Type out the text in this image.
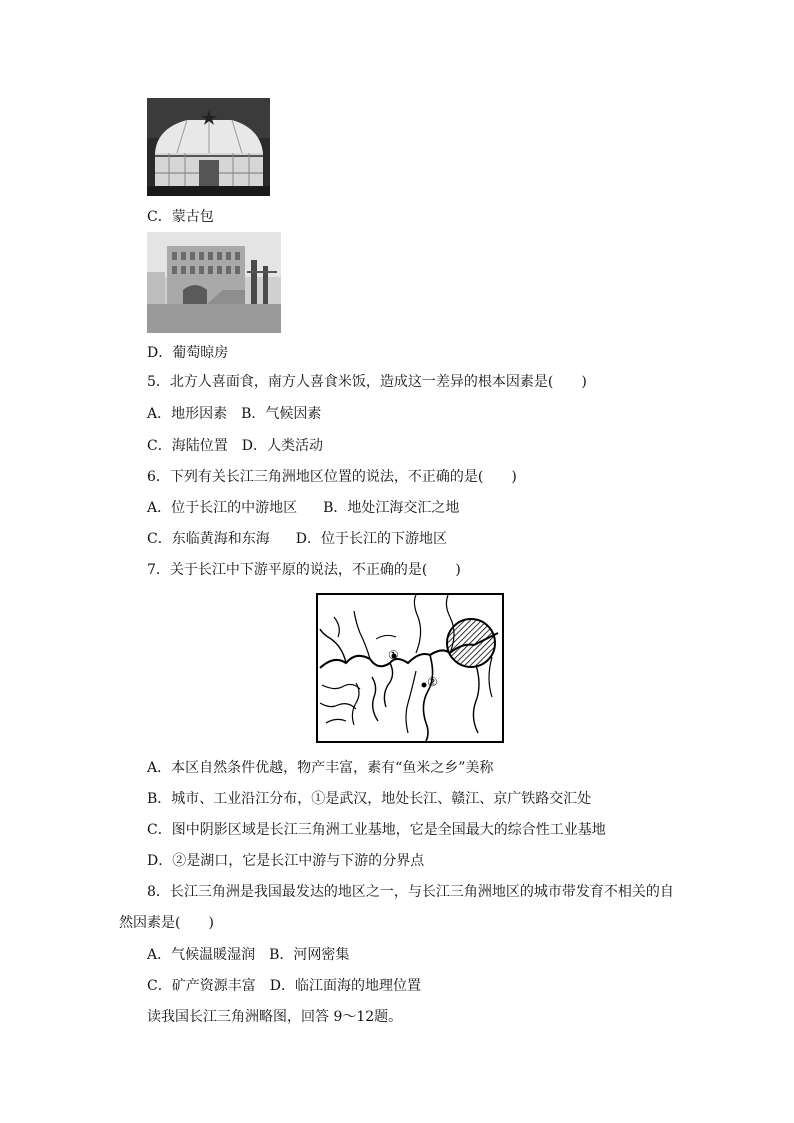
C．蒙古包
D．葡萄晾房
5．北方人喜面食，南方人喜食米饭，造成这一差异的根本因素是(　　)
A．地形因素 B．气候因素
C．海陆位置 D．人类活动
6．下列有关长江三角洲地区位置的说法，不正确的是(　　)
A．位于长江的中游地区 B．地处江海交汇之地
C．东临黄海和东海 D．位于长江的下游地区
7．关于长江中下游平原的说法，不正确的是(　　)
①
②
A．本区自然条件优越，物产丰富，素有“鱼米之乡”美称
B．城市、工业沿江分布，①是武汉，地处长江、赣江、京广铁路交汇处
C．图中阴影区域是长江三角洲工业基地，它是全国最大的综合性工业基地
D．②是湖口，它是长江中游与下游的分界点
8．长江三角洲是我国最发达的地区之一，与长江三角洲地区的城市带发育不相关的自
然因素是(　　)
A．气候温暖湿润 B．河网密集
C．矿产资源丰富 D．临江面海的地理位置
读我国长江三角洲略图，回答 9～12题。
